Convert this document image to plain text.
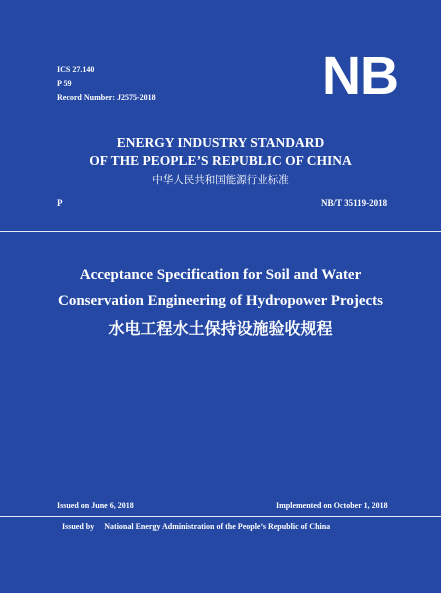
ICS 27.140
P 59
Record Number: J2575-2018	NB
ENERGY INDUSTRY STANDARD
OF THE PEOPLE’S REPUBLIC OF CHINA
中华人民共和国能源行业标准
P	NB/T 35119-2018
Acceptance Specification for Soil and Water
Conservation Engineering of Hydropower Projects
水电工程水土保持设施验收规程
Issued on June 6, 2018	Implemented on October 1, 2018
Issued by National Energy Administration of the People’s Republic of China
